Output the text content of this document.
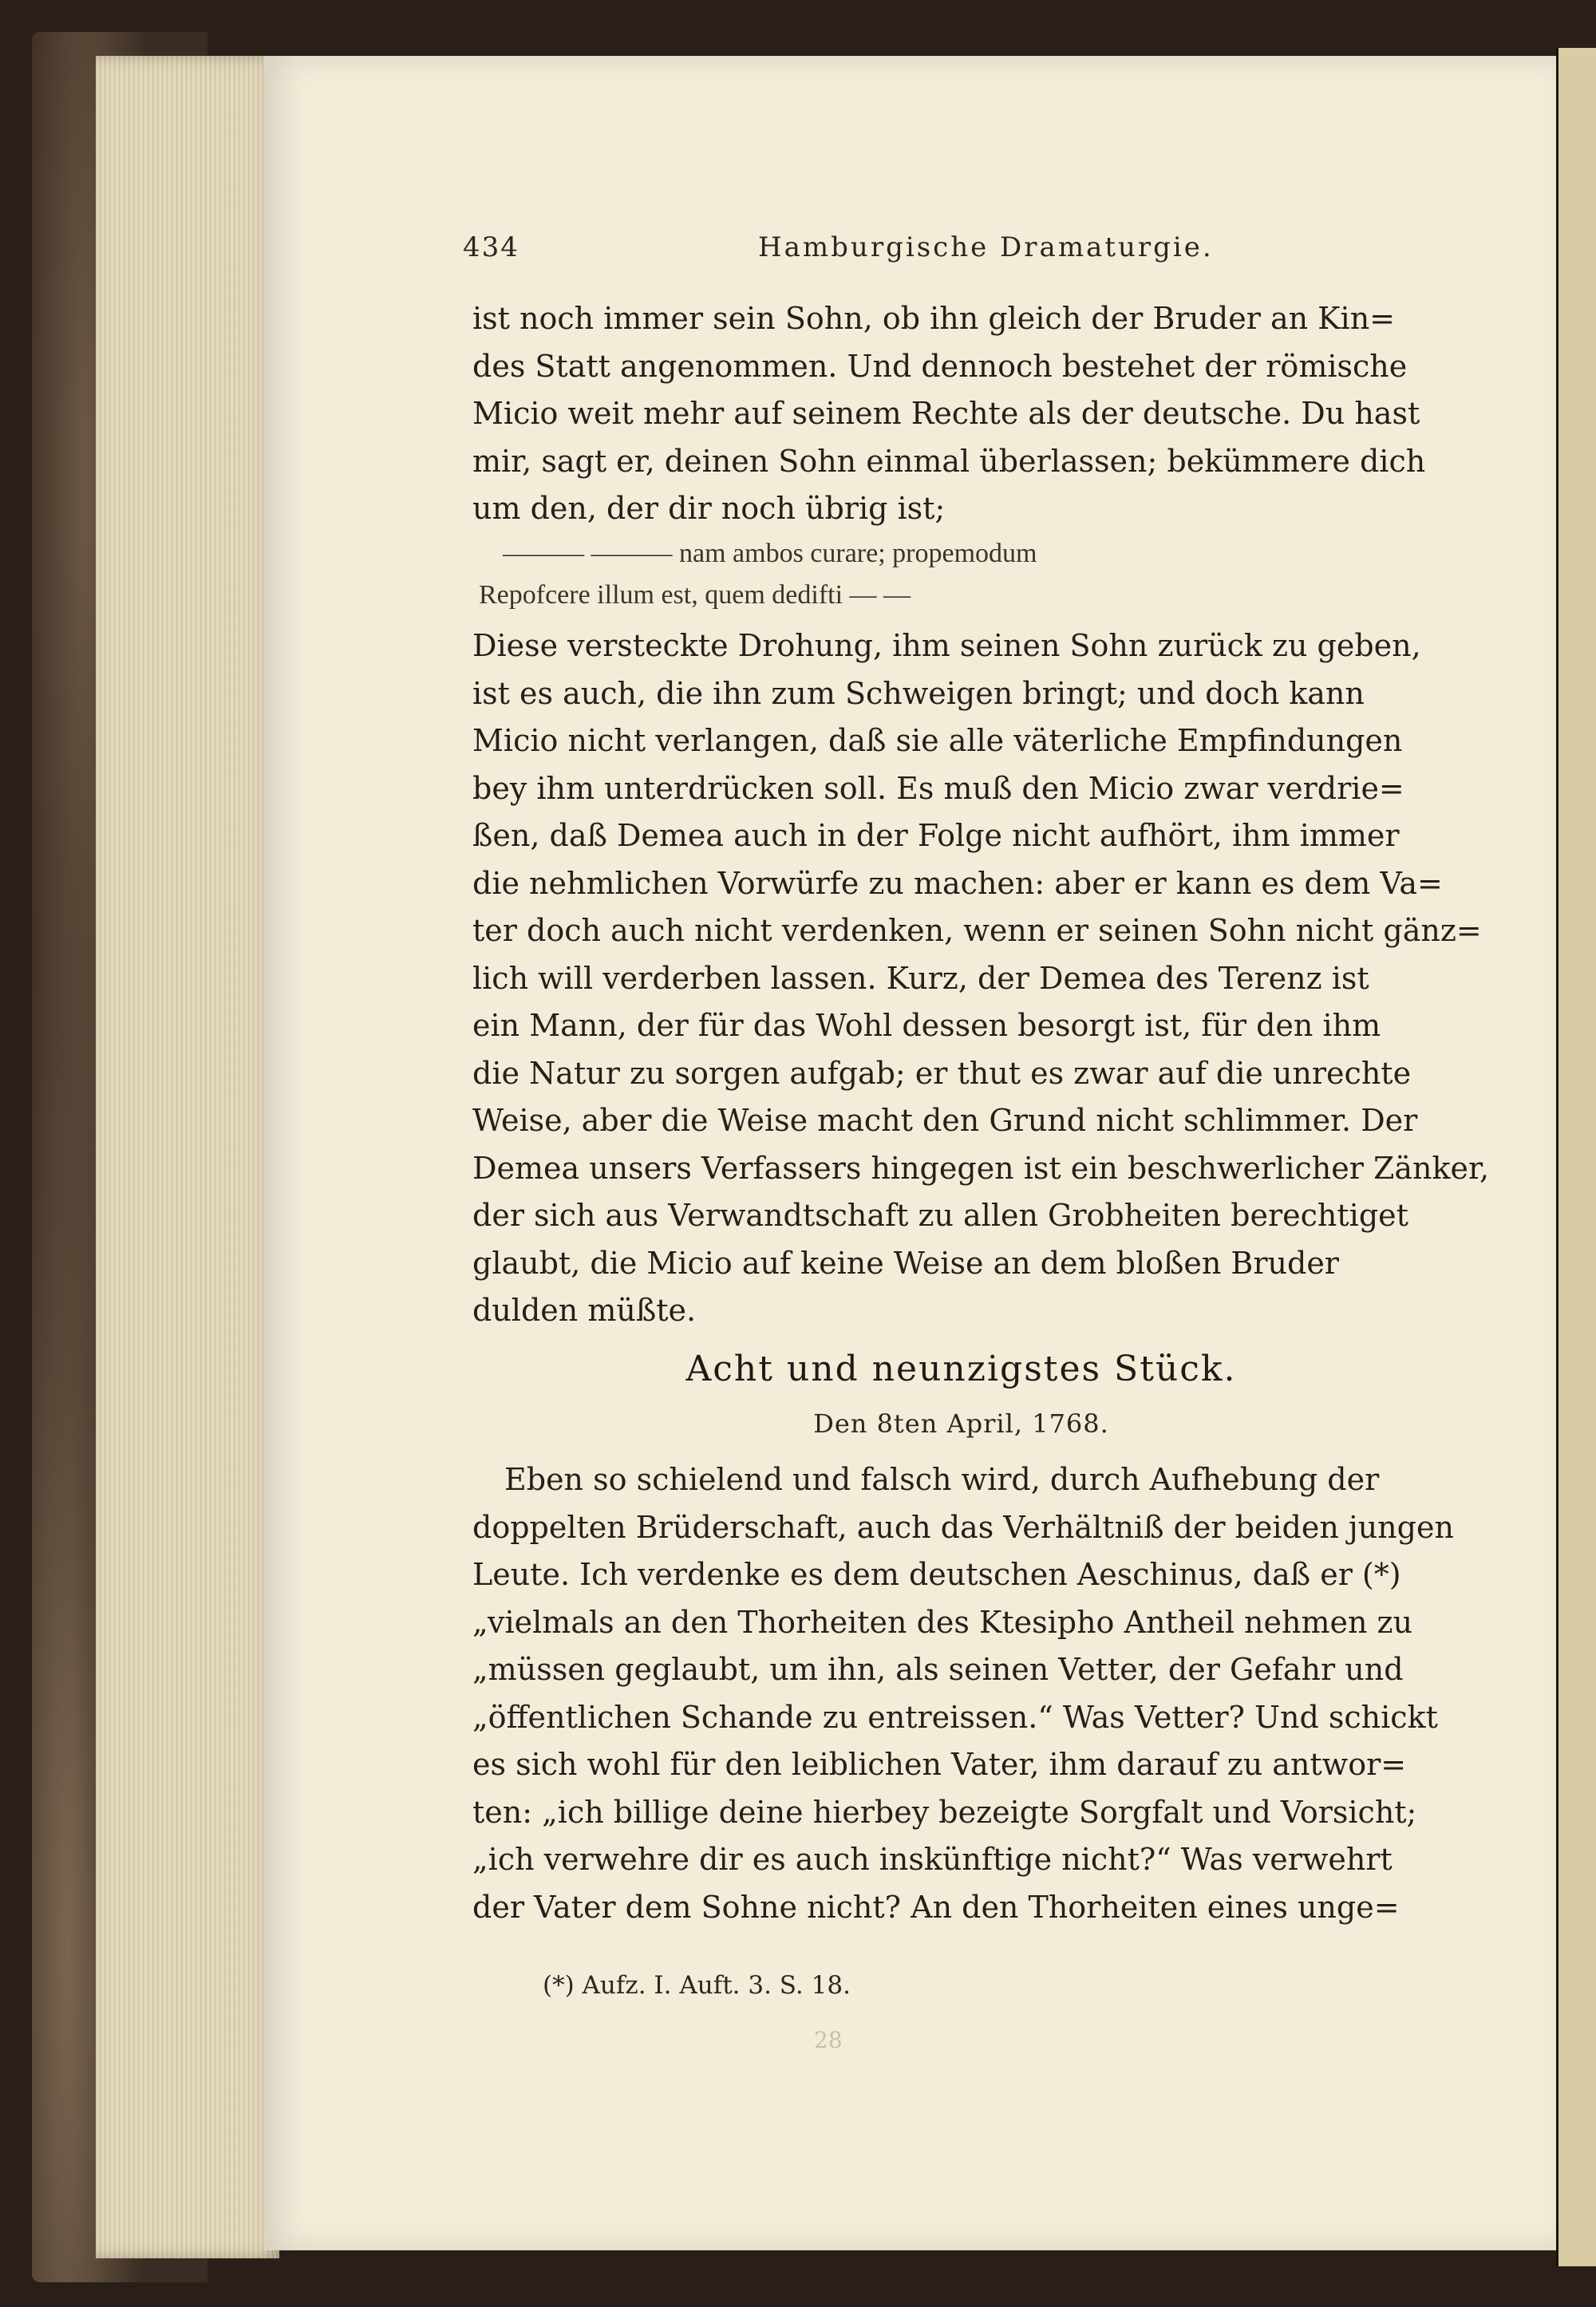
434	Hamburgische Dramaturgie.
ist noch immer sein Sohn, ob ihn gleich der Bruder an Kin=
des Statt angenommen. Und dennoch bestehet der römische
Micio weit mehr auf seinem Rechte als der deutsche. Du hast
mir, sagt er, deinen Sohn einmal überlassen; bekümmere dich
um den, der dir noch übrig ist;
——— ——— nam ambos curare; propemodum
Repofcere illum est, quem dedifti — —
Diese versteckte Drohung, ihm seinen Sohn zurück zu geben,
ist es auch, die ihn zum Schweigen bringt; und doch kann
Micio nicht verlangen, daß sie alle väterliche Empfindungen
bey ihm unterdrücken soll. Es muß den Micio zwar verdrie=
ßen, daß Demea auch in der Folge nicht aufhört, ihm immer
die nehmlichen Vorwürfe zu machen: aber er kann es dem Va=
ter doch auch nicht verdenken, wenn er seinen Sohn nicht gänz=
lich will verderben lassen. Kurz, der Demea des Terenz ist
ein Mann, der für das Wohl dessen besorgt ist, für den ihm
die Natur zu sorgen aufgab; er thut es zwar auf die unrechte
Weise, aber die Weise macht den Grund nicht schlimmer. Der
Demea unsers Verfassers hingegen ist ein beschwerlicher Zänker,
der sich aus Verwandtschaft zu allen Grobheiten berechtiget
glaubt, die Micio auf keine Weise an dem bloßen Bruder
dulden müßte.
Acht und neunzigstes Stück.
Den 8ten April, 1768.
Eben so schielend und falsch wird, durch Aufhebung der
doppelten Brüderschaft, auch das Verhältniß der beiden jungen
Leute. Ich verdenke es dem deutschen Aeschinus, daß er (*)
„vielmals an den Thorheiten des Ktesipho Antheil nehmen zu
„müssen geglaubt, um ihn, als seinen Vetter, der Gefahr und
„öffentlichen Schande zu entreissen.“ Was Vetter? Und schickt
es sich wohl für den leiblichen Vater, ihm darauf zu antwor=
ten: „ich billige deine hierbey bezeigte Sorgfalt und Vorsicht;
„ich verwehre dir es auch inskünftige nicht?“ Was verwehrt
der Vater dem Sohne nicht? An den Thorheiten eines unge=
(*) Aufz. I. Auft. 3. S. 18.
28
